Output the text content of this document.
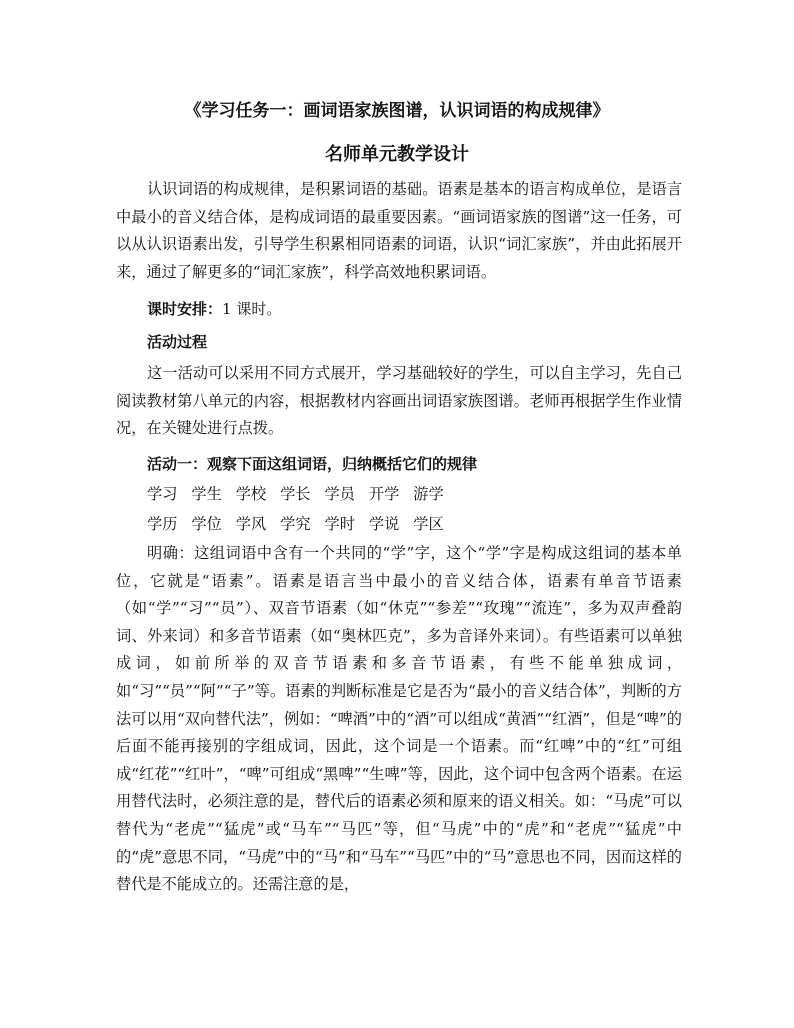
《学习任务一：画词语家族图谱，认识词语的构成规律》
名师单元教学设计

认识词语的构成规律，是积累词语的基础。语素是基本的语言构成单位，是语言中最小的音义结合体，是构成词语的最重要因素。“画词语家族的图谱”这一任务，可以从认识语素出发，引导学生积累相同语素的词语，认识“词汇家族”，并由此拓展开来，通过了解更多的“词汇家族”，科学高效地积累词语。

课时安排：1 课时。
活动过程

这一活动可以采用不同方式展开，学习基础较好的学生，可以自主学习，先自己阅读教材第八单元的内容，根据教材内容画出词语家族图谱。老师再根据学生作业情况，在关键处进行点拨。

活动一：观察下面这组词语，归纳概括它们的规律
学习 学生 学校 学长 学员 开学 游学
学历 学位 学风 学究 学时 学说 学区

明确：这组词语中含有一个共同的“学”字，这个“学”字是构成这组词的基本单位，它就是“语素”。语素是语言当中最小的音义结合体，语素有单音节语素（如“学”“习”“员”）、双音节语素（如“休克”“参差”“玫瑰”“流连”，多为双声叠韵词、外来词）和多音节语素（如“奥林匹克”，多为音译外来词）。有些语素可以单独成词，如前所举的双音节语素和多音节语素，有些不能单独成词，如“习”“员”“阿”“子”等。语素的判断标准是它是否为“最小的音义结合体”，判断的方法可以用“双向替代法”，例如：“啤酒”中的“酒”可以组成“黄酒”“红酒”，但是“啤”的后面不能再接别的字组成词，因此，这个词是一个语素。而“红啤”中的“红”可组成“红花”“红叶”，“啤”可组成“黑啤”“生啤”等，因此，这个词中包含两个语素。在运用替代法时，必须注意的是，替代后的语素必须和原来的语义相关。如：“马虎”可以替代为“老虎”“猛虎”或“马车”“马匹”等，但“马虎”中的“虎”和“老虎”“猛虎”中的“虎”意思不同，“马虎”中的“马”和“马车”“马匹”中的“马”意思也不同，因而这样的替代是不能成立的。还需注意的是，
